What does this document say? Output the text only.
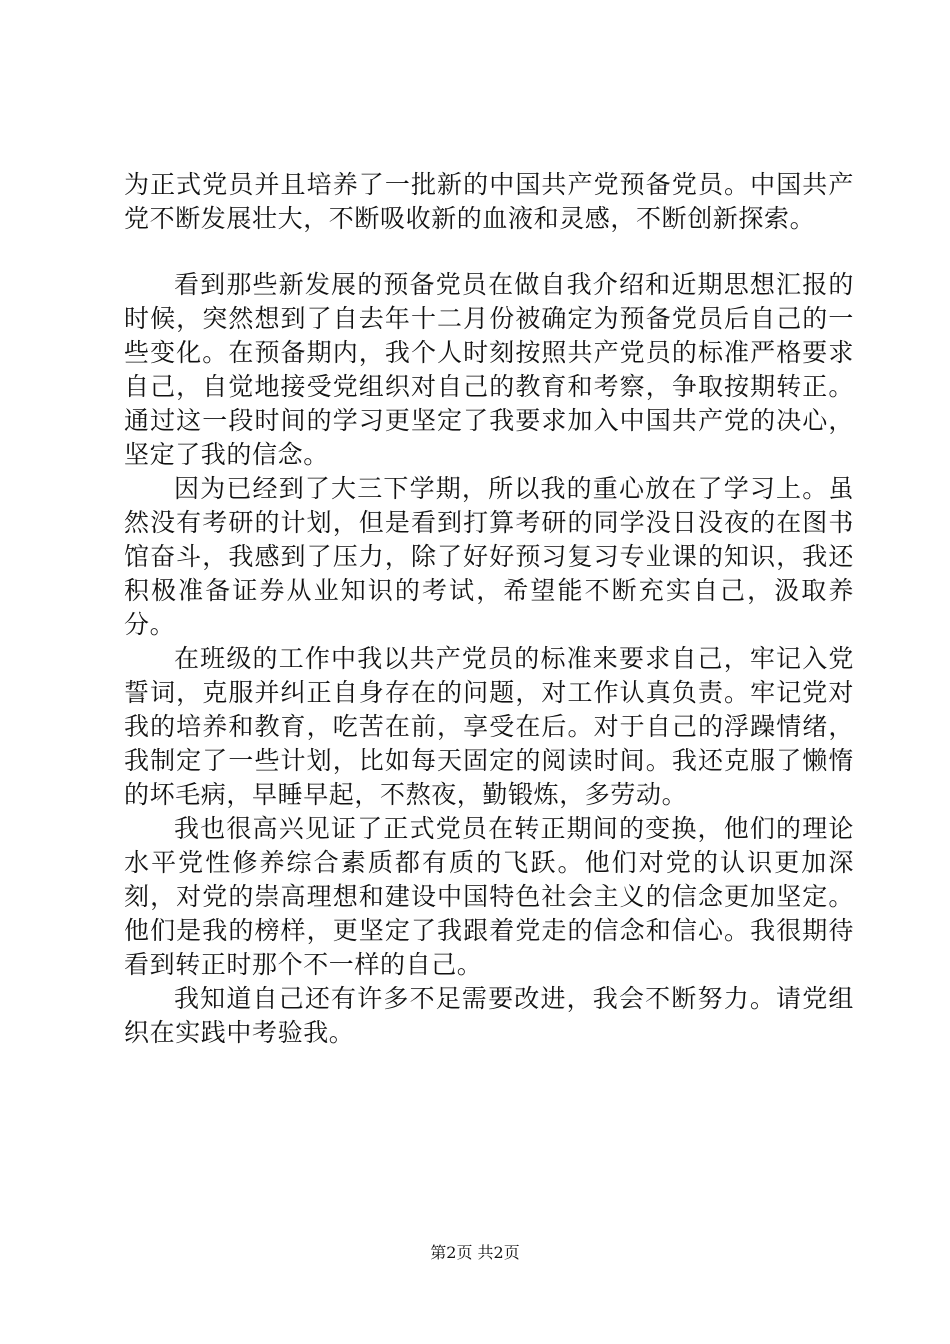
为正式党员并且培养了一批新的中国共产党预备党员。中国共产党不断发展壮大，不断吸收新的血液和灵感，不断创新探索。

看到那些新发展的预备党员在做自我介绍和近期思想汇报的时候，突然想到了自去年十二月份被确定为预备党员后自己的一些变化。在预备期内，我个人时刻按照共产党员的标准严格要求自己，自觉地接受党组织对自己的教育和考察，争取按期转正。通过这一段时间的学习更坚定了我要求加入中国共产党的决心，坚定了我的信念。

因为已经到了大三下学期，所以我的重心放在了学习上。虽然没有考研的计划，但是看到打算考研的同学没日没夜的在图书馆奋斗，我感到了压力，除了好好预习复习专业课的知识，我还积极准备证券从业知识的考试，希望能不断充实自己，汲取养分。

在班级的工作中我以共产党员的标准来要求自己，牢记入党誓词，克服并纠正自身存在的问题，对工作认真负责。牢记党对我的培养和教育，吃苦在前，享受在后。对于自己的浮躁情绪，我制定了一些计划，比如每天固定的阅读时间。我还克服了懒惰的坏毛病，早睡早起，不熬夜，勤锻炼，多劳动。

我也很高兴见证了正式党员在转正期间的变换，他们的理论水平党性修养综合素质都有质的飞跃。他们对党的认识更加深刻，对党的崇高理想和建设中国特色社会主义的信念更加坚定。他们是我的榜样，更坚定了我跟着党走的信念和信心。我很期待看到转正时那个不一样的自己。

我知道自己还有许多不足需要改进，我会不断努力。请党组织在实践中考验我。

第2页 共2页
